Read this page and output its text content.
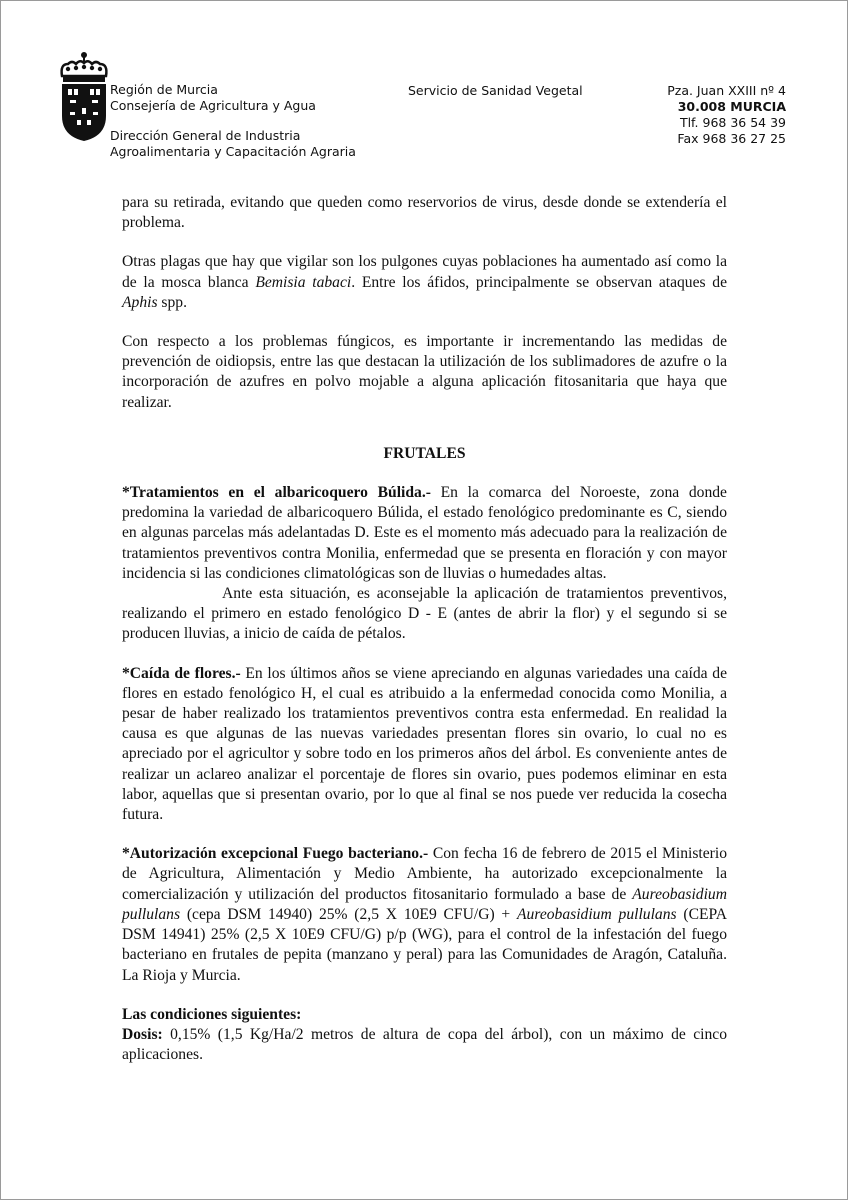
Región de Murcia
Consejería de Agricultura y Agua

Dirección General de Industria
Agroalimentaria y Capacitación Agraria

Servicio de Sanidad Vegetal	Pza. Juan XXIII nº 4
30.008 MURCIA
Tlf. 968 36 54 39
Fax 968 36 27 25

para su retirada, evitando que queden como reservorios de virus, desde donde se extendería el problema.

Otras plagas que hay que vigilar son los pulgones cuyas poblaciones ha aumentado así como la de la mosca blanca Bemisia tabaci. Entre los áfidos, principalmente se observan ataques de Aphis spp.

Con respecto a los problemas fúngicos, es importante ir incrementando las medidas de prevención de oidiopsis, entre las que destacan la utilización de los sublimadores de azufre o la incorporación de azufres en polvo mojable a alguna aplicación fitosanitaria que haya que realizar.

FRUTALES

*Tratamientos en el albaricoquero Búlida.- En la comarca del Noroeste, zona donde predomina la variedad de albaricoquero Búlida, el estado fenológico predominante es C, siendo en algunas parcelas más adelantadas D. Este es el momento más adecuado para la realización de tratamientos preventivos contra Monilia, enfermedad que se presenta en floración y con mayor incidencia si las condiciones climatológicas son de lluvias o humedades altas.

Ante esta situación, es aconsejable la aplicación de tratamientos preventivos, realizando el primero en estado fenológico D - E (antes de abrir la flor) y el segundo si se producen lluvias, a inicio de caída de pétalos.

*Caída de flores.- En los últimos años se viene apreciando en algunas variedades una caída de flores en estado fenológico H, el cual es atribuido a la enfermedad conocida como Monilia, a pesar de haber realizado los tratamientos preventivos contra esta enfermedad. En realidad la causa es que algunas de las nuevas variedades presentan flores sin ovario, lo cual no es apreciado por el agricultor y sobre todo en los primeros años del árbol. Es conveniente antes de realizar un aclareo analizar el porcentaje de flores sin ovario, pues podemos eliminar en esta labor, aquellas que si presentan ovario, por lo que al final se nos puede ver reducida la cosecha futura.

*Autorización excepcional Fuego bacteriano.- Con fecha 16 de febrero de 2015 el Ministerio de Agricultura, Alimentación y Medio Ambiente, ha autorizado excepcionalmente la comercialización y utilización del productos fitosanitario formulado a base de Aureobasidium pullulans (cepa DSM 14940) 25% (2,5 X 10E9 CFU/G) + Aureobasidium pullulans (CEPA DSM 14941) 25% (2,5 X 10E9 CFU/G) p/p (WG), para el control de la infestación del fuego bacteriano en frutales de pepita (manzano y peral) para las Comunidades de Aragón, Cataluña. La Rioja y Murcia.

Las condiciones siguientes:
Dosis: 0,15% (1,5 Kg/Ha/2 metros de altura de copa del árbol), con un máximo de cinco aplicaciones.
